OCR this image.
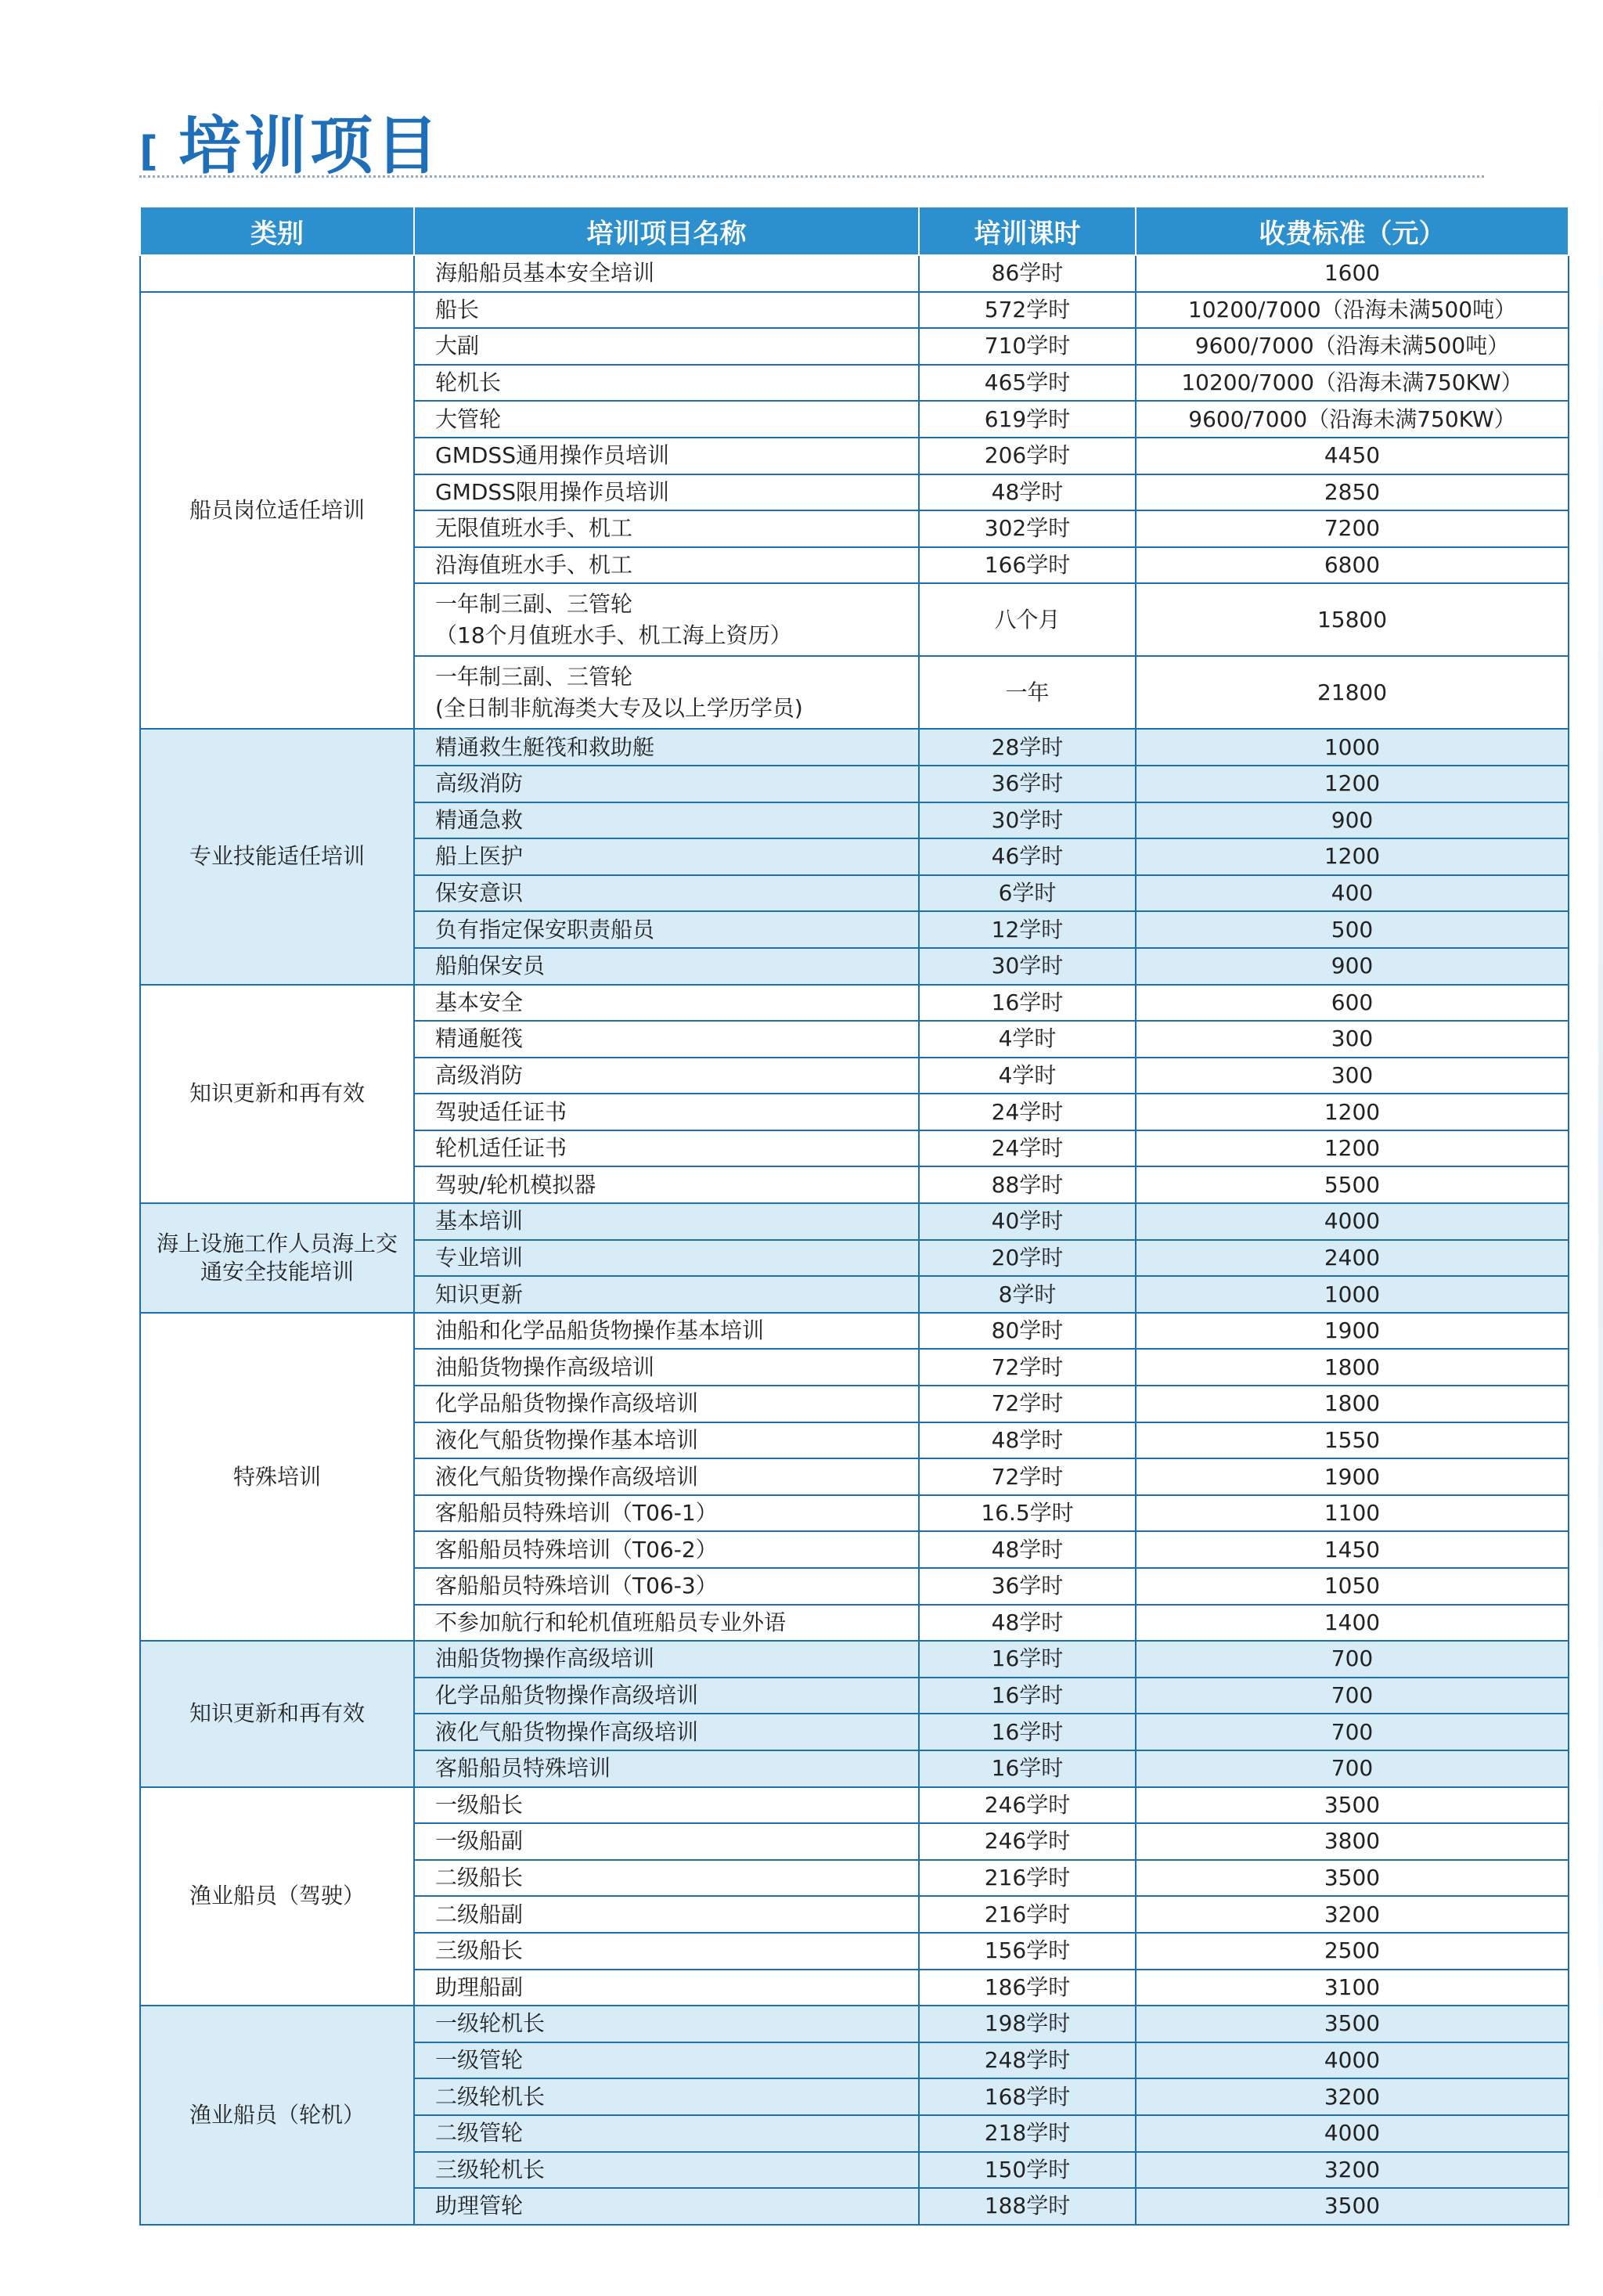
[ 培训项目
类别	培训项目名称	培训课时	收费标准（元）
	海船船员基本安全培训	86学时	1600
船员岗位适任培训	船长	572学时	10200/7000（沿海未满500吨）
	大副	710学时	9600/7000（沿海未满500吨）
	轮机长	465学时	10200/7000（沿海未满750KW）
	大管轮	619学时	9600/7000（沿海未满750KW）
	GMDSS通用操作员培训	206学时	4450
	GMDSS限用操作员培训	48学时	2850
	无限值班水手、机工	302学时	7200
	沿海值班水手、机工	166学时	6800
	一年制三副、三管轮
（18个月值班水手、机工海上资历）	八个月	15800
	一年制三副、三管轮
(全日制非航海类大专及以上学历学员)	一年	21800
专业技能适任培训	精通救生艇筏和救助艇	28学时	1000
	高级消防	36学时	1200
	精通急救	30学时	900
	船上医护	46学时	1200
	保安意识	6学时	400
	负有指定保安职责船员	12学时	500
	船舶保安员	30学时	900
知识更新和再有效	基本安全	16学时	600
	精通艇筏	4学时	300
	高级消防	4学时	300
	驾驶适任证书	24学时	1200
	轮机适任证书	24学时	1200
	驾驶/轮机模拟器	88学时	5500
海上设施工作人员海上交通安全技能培训	基本培训	40学时	4000
	专业培训	20学时	2400
	知识更新	8学时	1000
特殊培训	油船和化学品船货物操作基本培训	80学时	1900
	油船货物操作高级培训	72学时	1800
	化学品船货物操作高级培训	72学时	1800
	液化气船货物操作基本培训	48学时	1550
	液化气船货物操作高级培训	72学时	1900
	客船船员特殊培训（T06-1）	16.5学时	1100
	客船船员特殊培训（T06-2）	48学时	1450
	客船船员特殊培训（T06-3）	36学时	1050
	不参加航行和轮机值班船员专业外语	48学时	1400
知识更新和再有效	油船货物操作高级培训	16学时	700
	化学品船货物操作高级培训	16学时	700
	液化气船货物操作高级培训	16学时	700
	客船船员特殊培训	16学时	700
渔业船员（驾驶）	一级船长	246学时	3500
	一级船副	246学时	3800
	二级船长	216学时	3500
	二级船副	216学时	3200
	三级船长	156学时	2500
	助理船副	186学时	3100
渔业船员（轮机）	一级轮机长	198学时	3500
	一级管轮	248学时	4000
	二级轮机长	168学时	3200
	二级管轮	218学时	4000
	三级轮机长	150学时	3200
	助理管轮	188学时	3500
